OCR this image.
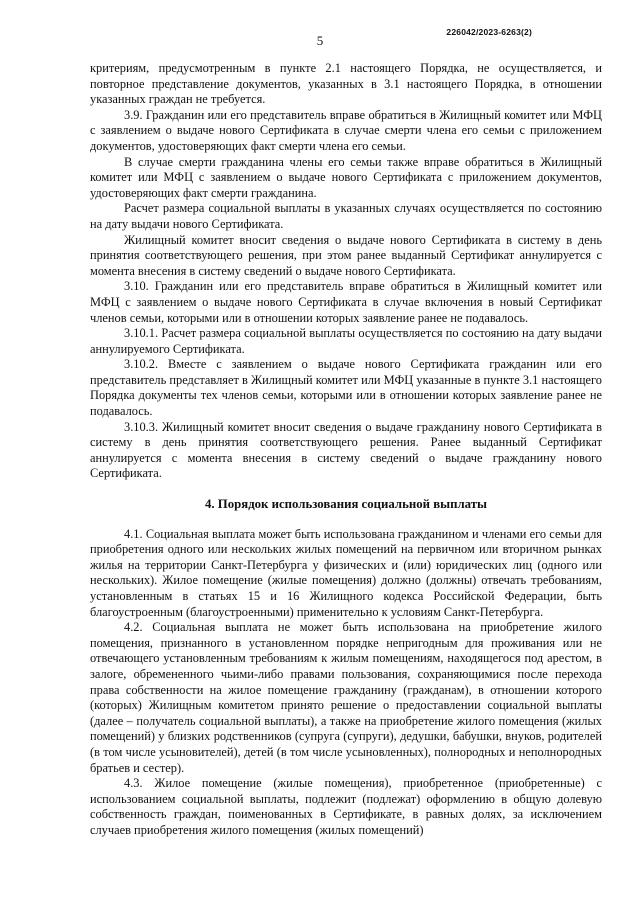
226042/2023-6263(2)
5

критериям, предусмотренным в пункте 2.1 настоящего Порядка, не осуществляется, и повторное представление документов, указанных в 3.1 настоящего Порядка, в отношении указанных граждан не требуется.

3.9. Гражданин или его представитель вправе обратиться в Жилищный комитет или МФЦ с заявлением о выдаче нового Сертификата в случае смерти члена его семьи с приложением документов, удостоверяющих факт смерти члена его семьи.

В случае смерти гражданина члены его семьи также вправе обратиться в Жилищный комитет или МФЦ с заявлением о выдаче нового Сертификата с приложением документов, удостоверяющих факт смерти гражданина.

Расчет размера социальной выплаты в указанных случаях осуществляется по состоянию на дату выдачи нового Сертификата.

Жилищный комитет вносит сведения о выдаче нового Сертификата в систему в день принятия соответствующего решения, при этом ранее выданный Сертификат аннулируется с момента внесения в систему сведений о выдаче нового Сертификата.

3.10. Гражданин или его представитель вправе обратиться в Жилищный комитет или МФЦ с заявлением о выдаче нового Сертификата в случае включения в новый Сертификат членов семьи, которыми или в отношении которых заявление ранее не подавалось.

3.10.1. Расчет размера социальной выплаты осуществляется по состоянию на дату выдачи аннулируемого Сертификата.

3.10.2. Вместе с заявлением о выдаче нового Сертификата гражданин или его представитель представляет в Жилищный комитет или МФЦ указанные в пункте 3.1 настоящего Порядка документы тех членов семьи, которыми или в отношении которых заявление ранее не подавалось.

3.10.3. Жилищный комитет вносит сведения о выдаче гражданину нового Сертификата в систему в день принятия соответствующего решения. Ранее выданный Сертификат аннулируется с момента внесения в систему сведений о выдаче гражданину нового Сертификата.

4. Порядок использования социальной выплаты

4.1. Социальная выплата может быть использована гражданином и членами его семьи для приобретения одного или нескольких жилых помещений на первичном или вторичном рынках жилья на территории Санкт-Петербурга у физических и (или) юридических лиц (одного или нескольких). Жилое помещение (жилые помещения) должно (должны) отвечать требованиям, установленным в статьях 15 и 16 Жилищного кодекса Российской Федерации, быть благоустроенным (благоустроенными) применительно к условиям Санкт-Петербурга.

4.2. Социальная выплата не может быть использована на приобретение жилого помещения, признанного в установленном порядке непригодным для проживания или не отвечающего установленным требованиям к жилым помещениям, находящегося под арестом, в залоге, обремененного чьими-либо правами пользования, сохраняющимися после перехода права собственности на жилое помещение гражданину (гражданам), в отношении которого (которых) Жилищным комитетом принято решение о предоставлении социальной выплаты (далее – получатель социальной выплаты), а также на приобретение жилого помещения (жилых помещений) у близких родственников (супруга (супруги), дедушки, бабушки, внуков, родителей (в том числе усыновителей), детей (в том числе усыновленных), полнородных и неполнородных братьев и сестер).

4.3. Жилое помещение (жилые помещения), приобретенное (приобретенные) с использованием социальной выплаты, подлежит (подлежат) оформлению в общую долевую собственность граждан, поименованных в Сертификате, в равных долях, за исключением случаев приобретения жилого помещения (жилых помещений)
